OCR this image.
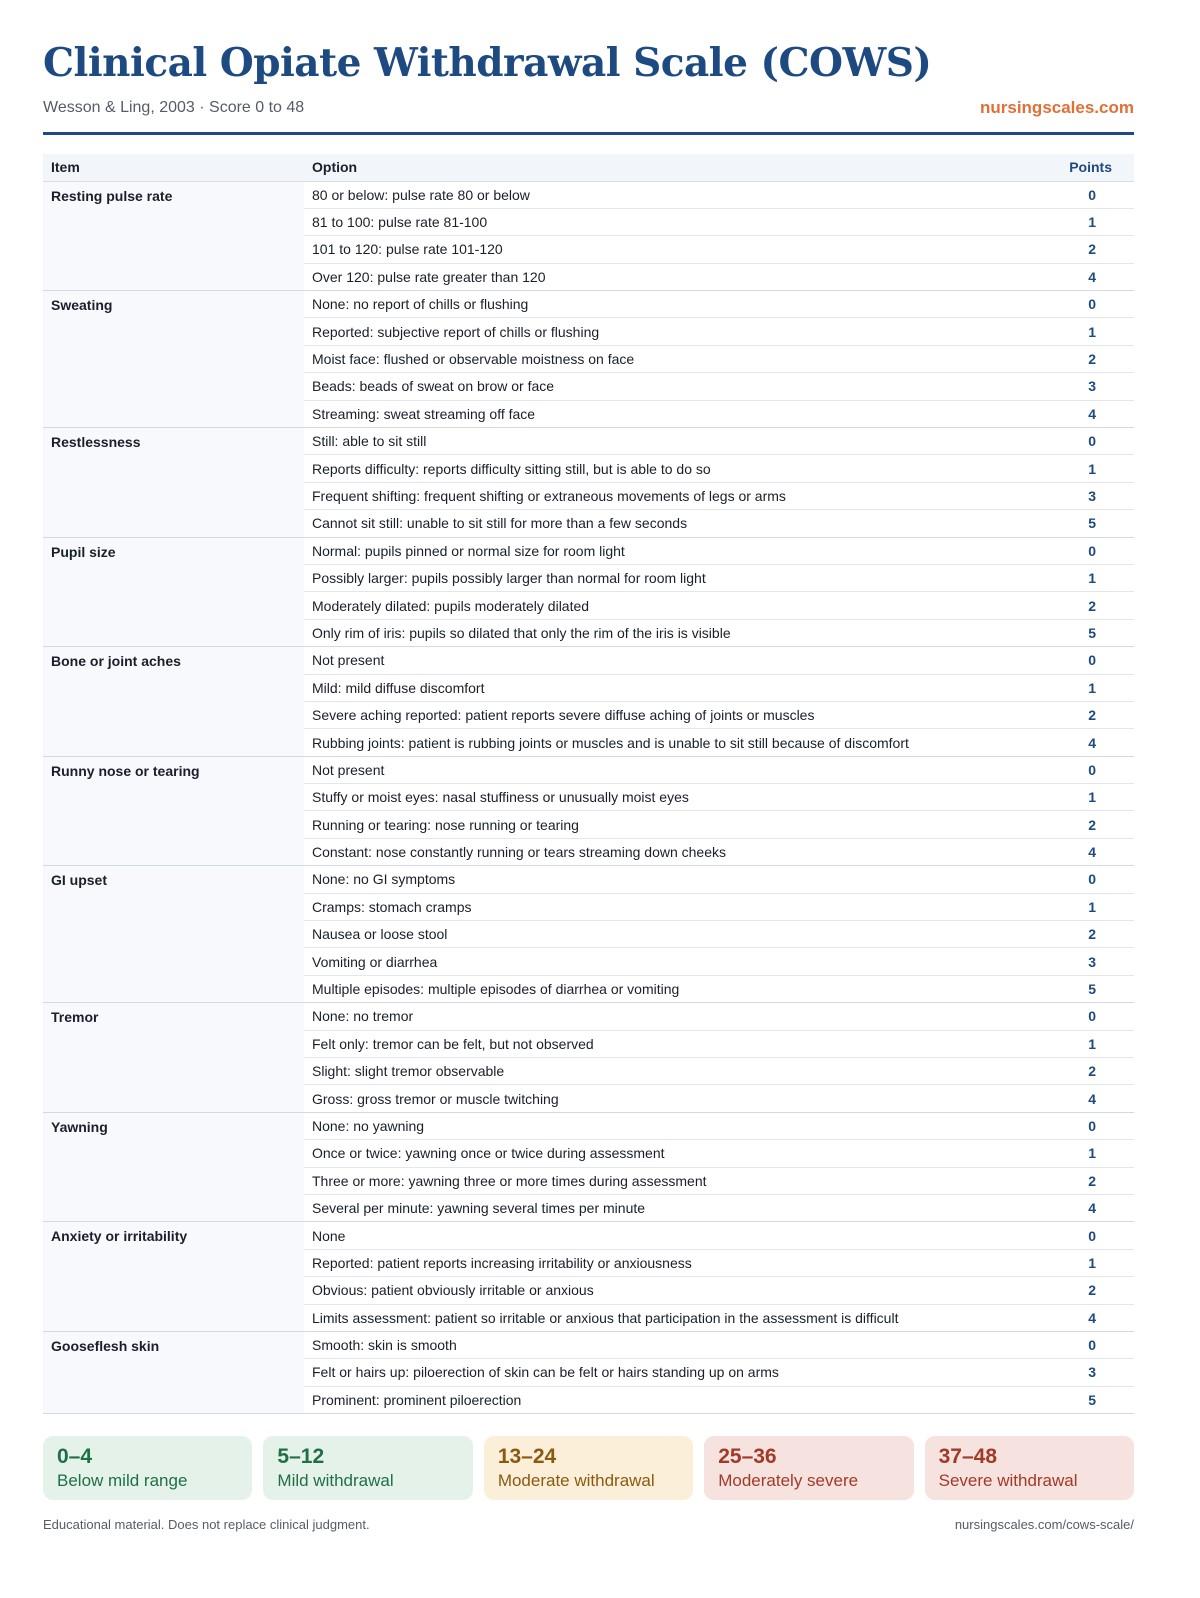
Clinical Opiate Withdrawal Scale (COWS)
Wesson & Ling, 2003 · Score 0 to 48	nursingscales.com
Item	Option	Points
Resting pulse rate	80 or below: pulse rate 80 or below	0
	81 to 100: pulse rate 81-100	1
	101 to 120: pulse rate 101-120	2
	Over 120: pulse rate greater than 120	4
Sweating	None: no report of chills or flushing	0
	Reported: subjective report of chills or flushing	1
	Moist face: flushed or observable moistness on face	2
	Beads: beads of sweat on brow or face	3
	Streaming: sweat streaming off face	4
Restlessness	Still: able to sit still	0
	Reports difficulty: reports difficulty sitting still, but is able to do so	1
	Frequent shifting: frequent shifting or extraneous movements of legs or arms	3
	Cannot sit still: unable to sit still for more than a few seconds	5
Pupil size	Normal: pupils pinned or normal size for room light	0
	Possibly larger: pupils possibly larger than normal for room light	1
	Moderately dilated: pupils moderately dilated	2
	Only rim of iris: pupils so dilated that only the rim of the iris is visible	5
Bone or joint aches	Not present	0
	Mild: mild diffuse discomfort	1
	Severe aching reported: patient reports severe diffuse aching of joints or muscles	2
	Rubbing joints: patient is rubbing joints or muscles and is unable to sit still because of discomfort	4
Runny nose or tearing	Not present	0
	Stuffy or moist eyes: nasal stuffiness or unusually moist eyes	1
	Running or tearing: nose running or tearing	2
	Constant: nose constantly running or tears streaming down cheeks	4
GI upset	None: no GI symptoms	0
	Cramps: stomach cramps	1
	Nausea or loose stool	2
	Vomiting or diarrhea	3
	Multiple episodes: multiple episodes of diarrhea or vomiting	5
Tremor	None: no tremor	0
	Felt only: tremor can be felt, but not observed	1
	Slight: slight tremor observable	2
	Gross: gross tremor or muscle twitching	4
Yawning	None: no yawning	0
	Once or twice: yawning once or twice during assessment	1
	Three or more: yawning three or more times during assessment	2
	Several per minute: yawning several times per minute	4
Anxiety or irritability	None	0
	Reported: patient reports increasing irritability or anxiousness	1
	Obvious: patient obviously irritable or anxious	2
	Limits assessment: patient so irritable or anxious that participation in the assessment is difficult	4
Gooseflesh skin	Smooth: skin is smooth	0
	Felt or hairs up: piloerection of skin can be felt or hairs standing up on arms	3
	Prominent: prominent piloerection	5
0–4
Below mild range
5–12
Mild withdrawal
13–24
Moderate withdrawal
25–36
Moderately severe
37–48
Severe withdrawal
Educational material. Does not replace clinical judgment.	nursingscales.com/cows-scale/
